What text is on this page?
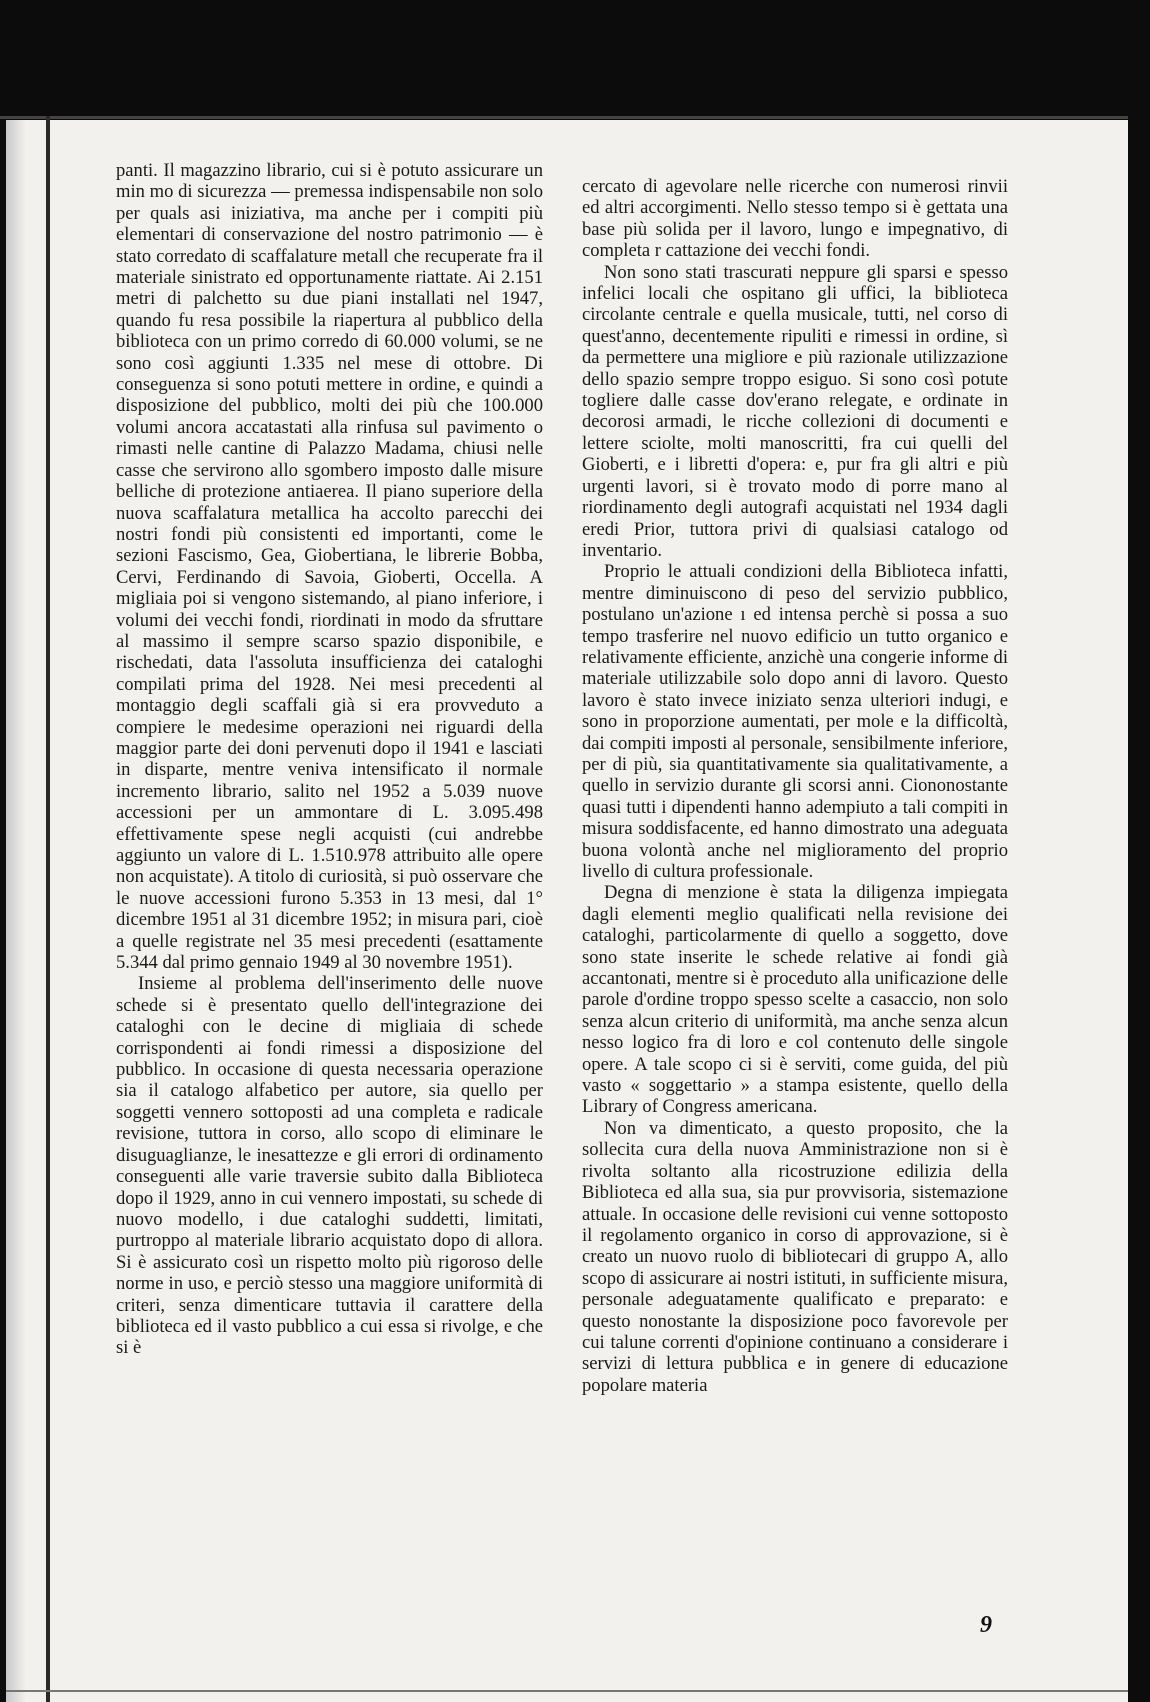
panti. Il magazzino librario, cui si è potuto assicurare un min mo di sicurezza — premessa indispensabile non solo per quals asi iniziativa, ma anche per i compiti più elementari di conservazione del nostro patrimonio — è stato corredato di scaffalature metall che recuperate fra il materiale sinistrato ed opportunamente riattate. Ai 2.151 metri di palchetto su due piani installati nel 1947, quando fu resa possibile la riapertura al pubblico della biblioteca con un primo corredo di 60.000 volumi, se ne sono così aggiunti 1.335 nel mese di ottobre. Di conseguenza si sono potuti mettere in ordine, e quindi a disposizione del pubblico, molti dei più che 100.000 volumi ancora accatastati alla rinfusa sul pavimento o rimasti nelle cantine di Palazzo Madama, chiusi nelle casse che servirono allo sgombero imposto dalle misure belliche di protezione antiaerea. Il piano superiore della nuova scaffalatura metallica ha accolto parecchi dei nostri fondi più consistenti ed importanti, come le sezioni Fascismo, Gea, Giobertiana, le librerie Bobba, Cervi, Ferdinando di Savoia, Gioberti, Occella. A migliaia poi si vengono sistemando, al piano inferiore, i volumi dei vecchi fondi, riordinati in modo da sfruttare al massimo il sempre scarso spazio disponibile, e rischedati, data l'assoluta insufficienza dei cataloghi compilati prima del 1928. Nei mesi precedenti al montaggio degli scaffali già si era provveduto a compiere le medesime operazioni nei riguardi della maggior parte dei doni pervenuti dopo il 1941 e lasciati in disparte, mentre veniva intensificato il normale incremento librario, salito nel 1952 a 5.039 nuove accessioni per un ammontare di L. 3.095.498 effettivamente spese negli acquisti (cui andrebbe aggiunto un valore di L. 1.510.978 attribuito alle opere non acquistate). A titolo di curiosità, si può osservare che le nuove accessioni furono 5.353 in 13 mesi, dal 1° dicembre 1951 al 31 dicembre 1952; in misura pari, cioè a quelle registrate nel 35 mesi precedenti (esattamente 5.344 dal primo gennaio 1949 al 30 novembre 1951).

Insieme al problema dell'inserimento delle nuove schede si è presentato quello dell'integrazione dei cataloghi con le decine di migliaia di schede corrispondenti ai fondi rimessi a disposizione del pubblico. In occasione di questa necessaria operazione sia il catalogo alfabetico per autore, sia quello per soggetti vennero sottoposti ad una completa e radicale revisione, tuttora in corso, allo scopo di eliminare le disuguaglianze, le inesattezze e gli errori di ordinamento conseguenti alle varie traversie subito dalla Biblioteca dopo il 1929, anno in cui vennero impostati, su schede di nuovo modello, i due cataloghi suddetti, limitati, purtroppo al materiale librario acquistato dopo di allora. Si è assicurato così un rispetto molto più rigoroso delle norme in uso, e perciò stesso una maggiore uniformità di criteri, senza dimenticare tuttavia il carattere della biblioteca ed il vasto pubblico a cui essa si rivolge, e che si è

cercato di agevolare nelle ricerche con numerosi rinvii ed altri accorgimenti. Nello stesso tempo si è gettata una base più solida per il lavoro, lungo e impegnativo, di completa r cattazione dei vecchi fondi.

Non sono stati trascurati neppure gli sparsi e spesso infelici locali che ospitano gli uffici, la biblioteca circolante centrale e quella musicale, tutti, nel corso di quest'anno, decentemente ripuliti e rimessi in ordine, sì da permettere una migliore e più razionale utilizzazione dello spazio sempre troppo esiguo. Si sono così potute togliere dalle casse dov'erano relegate, e ordinate in decorosi armadi, le ricche collezioni di documenti e lettere sciolte, molti manoscritti, fra cui quelli del Gioberti, e i libretti d'opera: e, pur fra gli altri e più urgenti lavori, si è trovato modo di porre mano al riordinamento degli autografi acquistati nel 1934 dagli eredi Prior, tuttora privi di qualsiasi catalogo od inventario.

Proprio le attuali condizioni della Biblioteca infatti, mentre diminuiscono di peso del servizio pubblico, postulano un'azione ı ed intensa perchè si possa a suo tempo trasferire nel nuovo edificio un tutto organico e relativamente efficiente, anzichè una congerie informe di materiale utilizzabile solo dopo anni di lavoro. Questo lavoro è stato invece iniziato senza ulteriori indugi, e sono in proporzione aumentati, per mole e la difficoltà, dai compiti imposti al personale, sensibilmente inferiore, per di più, sia quantitativamente sia qualitativamente, a quello in servizio durante gli scorsi anni. Ciononostante quasi tutti i dipendenti hanno adempiuto a tali compiti in misura soddisfacente, ed hanno dimostrato una adeguata buona volontà anche nel miglioramento del proprio livello di cultura professionale.

Degna di menzione è stata la diligenza impiegata dagli elementi meglio qualificati nella revisione dei cataloghi, particolarmente di quello a soggetto, dove sono state inserite le schede relative ai fondi già accantonati, mentre si è proceduto alla unificazione delle parole d'ordine troppo spesso scelte a casaccio, non solo senza alcun criterio di uniformità, ma anche senza alcun nesso logico fra di loro e col contenuto delle singole opere. A tale scopo ci si è serviti, come guida, del più vasto « soggettario » a stampa esistente, quello della Library of Congress americana.

Non va dimenticato, a questo proposito, che la sollecita cura della nuova Amministrazione non si è rivolta soltanto alla ricostruzione edilizia della Biblioteca ed alla sua, sia pur provvisoria, sistemazione attuale. In occasione delle revisioni cui venne sottoposto il regolamento organico in corso di approvazione, si è creato un nuovo ruolo di bibliotecari di gruppo A, allo scopo di assicurare ai nostri istituti, in sufficiente misura, personale adeguatamente qualificato e preparato: e questo nonostante la disposizione poco favorevole per cui talune correnti d'opinione continuano a considerare i servizi di lettura pubblica e in genere di educazione popolare materia

9
